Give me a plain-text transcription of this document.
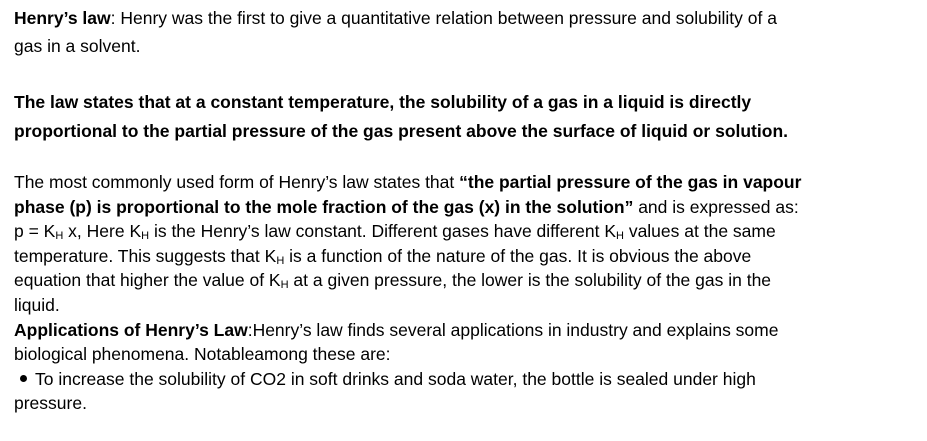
Henry’s law: Henry was the first to give a quantitative relation between pressure and solubility of a
gas in a solvent.
The law states that at a constant temperature, the solubility of a gas in a liquid is directly
proportional to the partial pressure of the gas present above the surface of liquid or solution.
The most commonly used form of Henry’s law states that “the partial pressure of the gas in vapour
phase (p) is proportional to the mole fraction of the gas (x) in the solution” and is expressed as:
p = KH x, Here KH is the Henry’s law constant. Different gases have different KH values at the same
temperature. This suggests that KH is a function of the nature of the gas. It is obvious the above
equation that higher the value of KH at a given pressure, the lower is the solubility of the gas in the
liquid.
Applications of Henry’s Law:Henry’s law finds several applications in industry and explains some
biological phenomena. Notableamong these are:
To increase the solubility of CO2 in soft drinks and soda water, the bottle is sealed under high
pressure.
